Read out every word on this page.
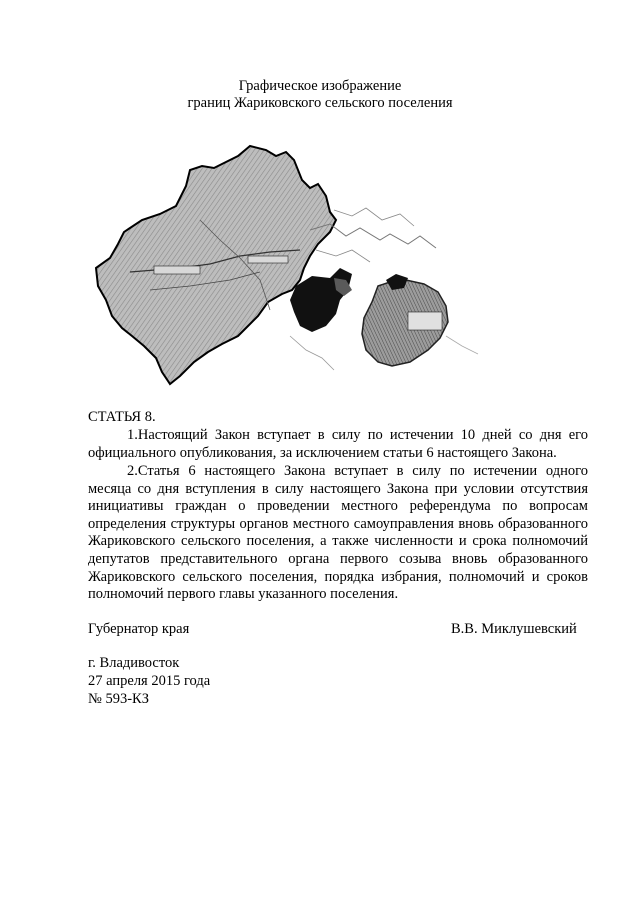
Графическое изображение
границ Жариковского сельского поселения
СТАТЬЯ 8.
1.Настоящий Закон вступает в силу по истечении 10 дней со дня его официального опубликования, за исключением статьи 6 настоящего Закона.
2.Статья 6 настоящего Закона вступает в силу по истечении одного месяца со дня вступления в силу настоящего Закона при условии отсутствия инициативы граждан о проведении местного референдума по вопросам определения структуры органов местного самоуправления вновь образованного Жариковского сельского поселения, а также численности и срока полномочий депутатов представительного органа первого созыва вновь образованного Жариковского сельского поселения, порядка избрания, полномочий и сроков полномочий первого главы указанного поселения.
Губернатор края	В.В. Миклушевский
г. Владивосток
27 апреля 2015 года
№ 593-КЗ
